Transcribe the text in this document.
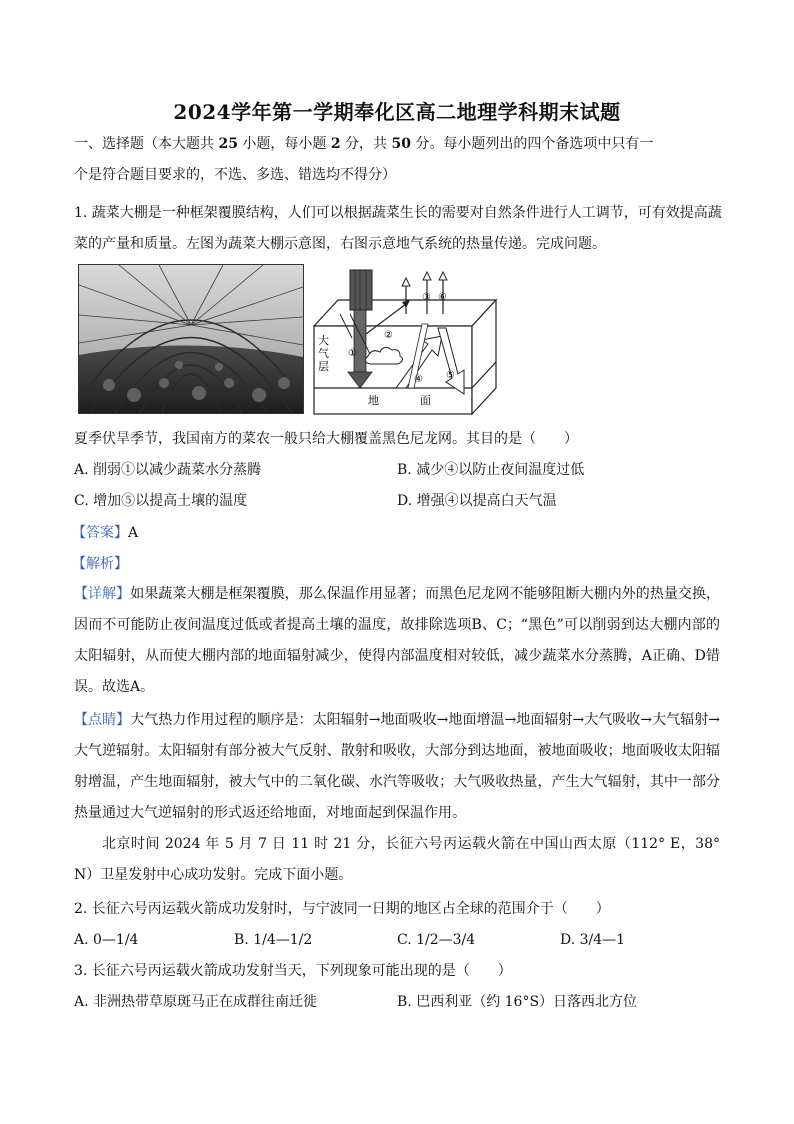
2024学年第一学期奉化区高二地理学科期末试题
一、选择题（本大题共 25 小题，每小题 2 分，共 50 分。每小题列出的四个备选项中只有一
个是符合题目要求的，不选、多选、错选均不得分）
1. 蔬菜大棚是一种框架覆膜结构，人们可以根据蔬菜生长的需要对自然条件进行人工调节，可有效提高蔬
菜的产量和质量。左图为蔬菜大棚示意图，右图示意地气系统的热量传递。完成问题。
大
气
层
地	面
①
②
③
④ ⑤
⑥
夏季伏旱季节，我国南方的菜农一般只给大棚覆盖黑色尼龙网。其目的是（　　）
A. 削弱①以减少蔬菜水分蒸腾	B. 减少④以防止夜间温度过低
C. 增加⑤以提高土壤的温度	D. 增强④以提高白天气温
【答案】A
【解析】
【详解】如果蔬菜大棚是框架覆膜，那么保温作用显著；而黑色尼龙网不能够阻断大棚内外的热量交换，因而不可能防止夜间温度过低或者提高土壤的温度，故排除选项B、C；“黑色”可以削弱到达大棚内部的太阳辐射，从而使大棚内部的地面辐射减少，使得内部温度相对较低，减少蔬菜水分蒸腾，A正确、D错误。故选A。
【点睛】大气热力作用过程的顺序是：太阳辐射→地面吸收→地面增温→地面辐射→大气吸收→大气辐射→大气逆辐射。太阳辐射有部分被大气反射、散射和吸收，大部分到达地面，被地面吸收；地面吸收太阳辐射增温，产生地面辐射，被大气中的二氧化碳、水汽等吸收；大气吸收热量，产生大气辐射，其中一部分热量通过大气逆辐射的形式返还给地面，对地面起到保温作用。
北京时间 2024 年 5 月 7 日 11 时 21 分，长征六号丙运载火箭在中国山西太原（112° E，38° N）卫星发射中心成功发射。完成下面小题。
2. 长征六号丙运载火箭成功发射时，与宁波同一日期的地区占全球的范围介于（　　）
A. 0—1/4	B. 1/4—1/2	C. 1/2—3/4	D. 3/4—1
3. 长征六号丙运载火箭成功发射当天，下列现象可能出现的是（　　）
A. 非洲热带草原斑马正在成群往南迁徙	B. 巴西利亚（约 16°S）日落西北方位
